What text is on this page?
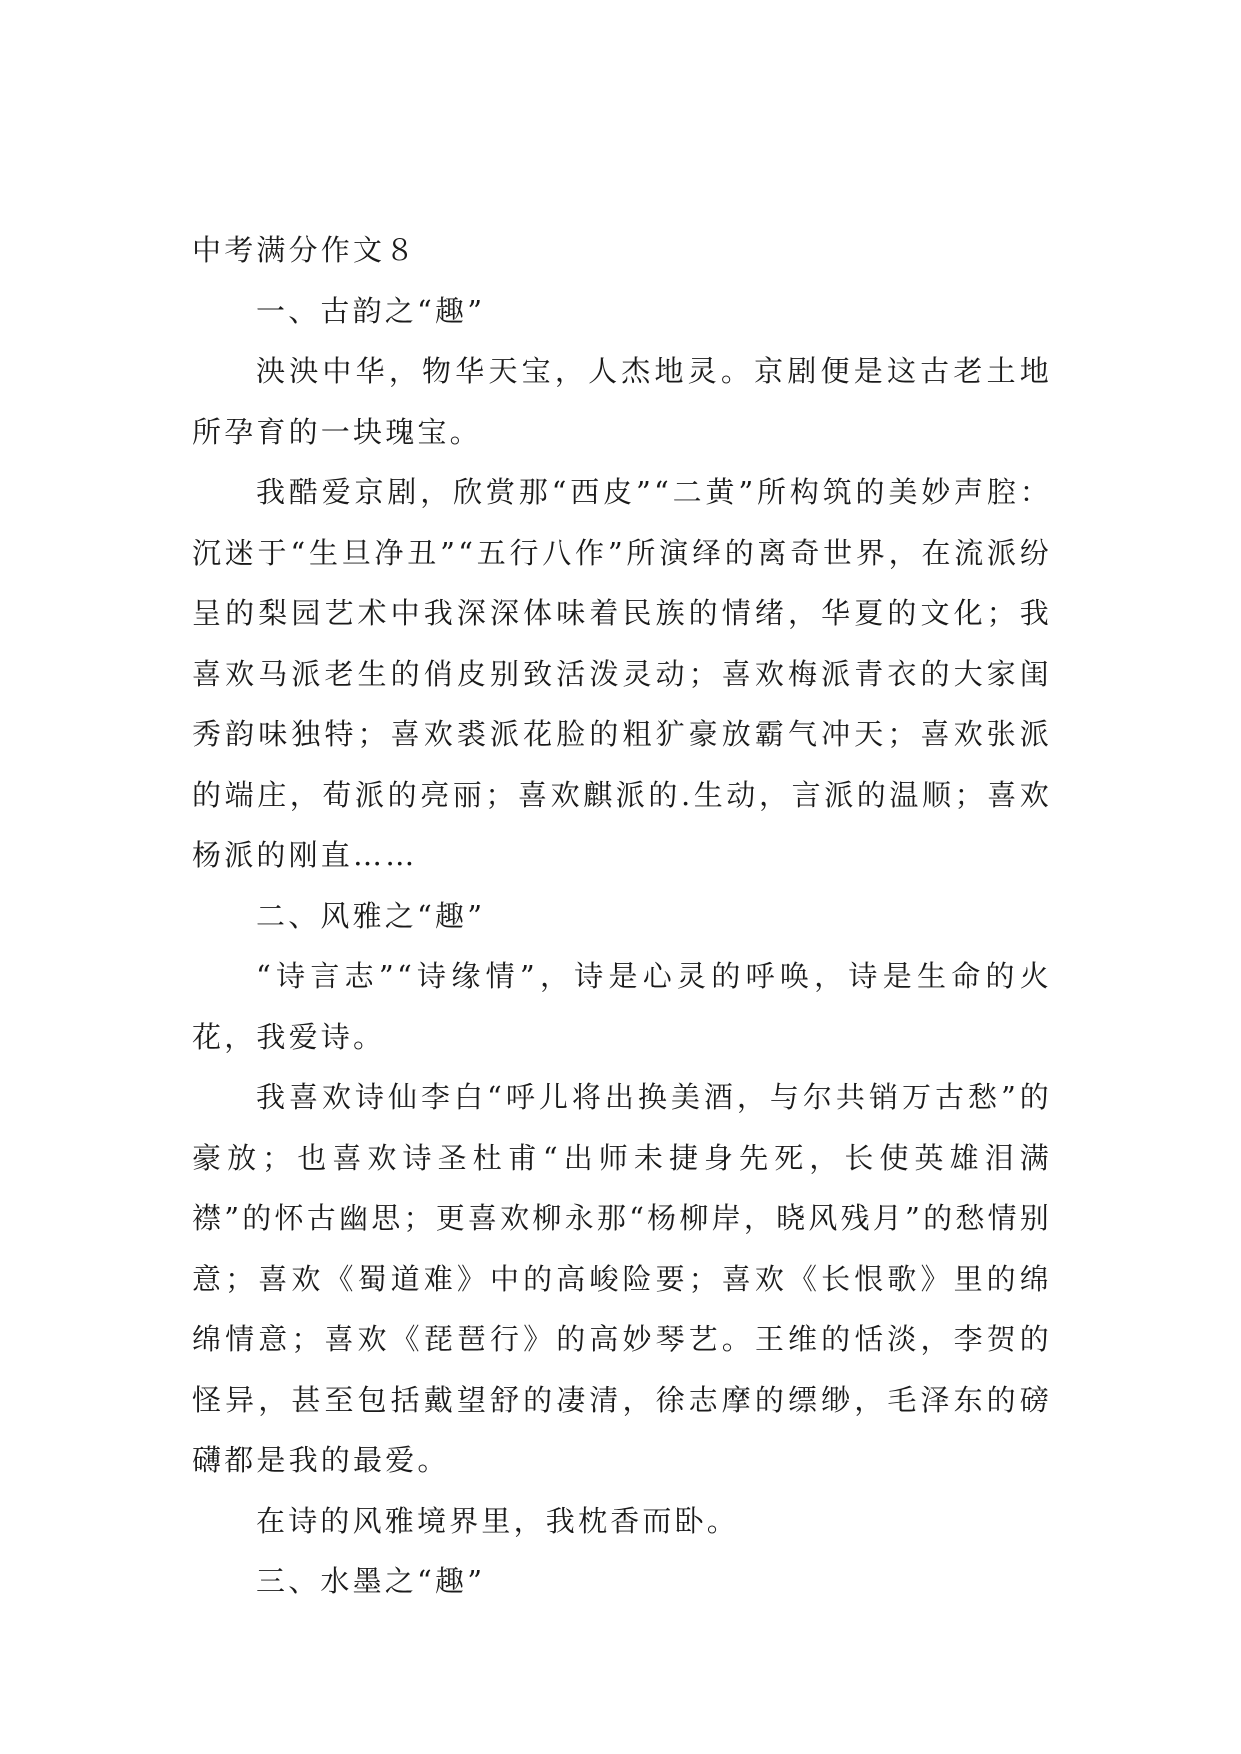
中考满分作文８

一、古韵之“趣”

泱泱中华，物华天宝，人杰地灵。京剧便是这古老土地所孕育的一块瑰宝。

我酷爱京剧，欣赏那“西皮”“二黄”所构筑的美妙声腔：沉迷于“生旦净丑”“五行八作”所演绎的离奇世界，在流派纷呈的梨园艺术中我深深体味着民族的情绪，华夏的文化；我喜欢马派老生的俏皮别致活泼灵动；喜欢梅派青衣的大家闺秀韵味独特；喜欢裘派花脸的粗犷豪放霸气冲天；喜欢张派的端庄，荀派的亮丽；喜欢麒派的.生动，言派的温顺；喜欢杨派的刚直……

二、风雅之“趣”

“诗言志”“诗缘情”，诗是心灵的呼唤，诗是生命的火花，我爱诗。

我喜欢诗仙李白“呼儿将出换美酒，与尔共销万古愁”的豪放；也喜欢诗圣杜甫“出师未捷身先死，长使英雄泪满襟”的怀古幽思；更喜欢柳永那“杨柳岸，晓风残月”的愁情别意；喜欢《蜀道难》中的高峻险要；喜欢《长恨歌》里的绵绵情意；喜欢《琵琶行》的高妙琴艺。王维的恬淡，李贺的怪异，甚至包括戴望舒的凄清，徐志摩的缥缈，毛泽东的磅礴都是我的最爱。

在诗的风雅境界里，我枕香而卧。

三、水墨之“趣”
